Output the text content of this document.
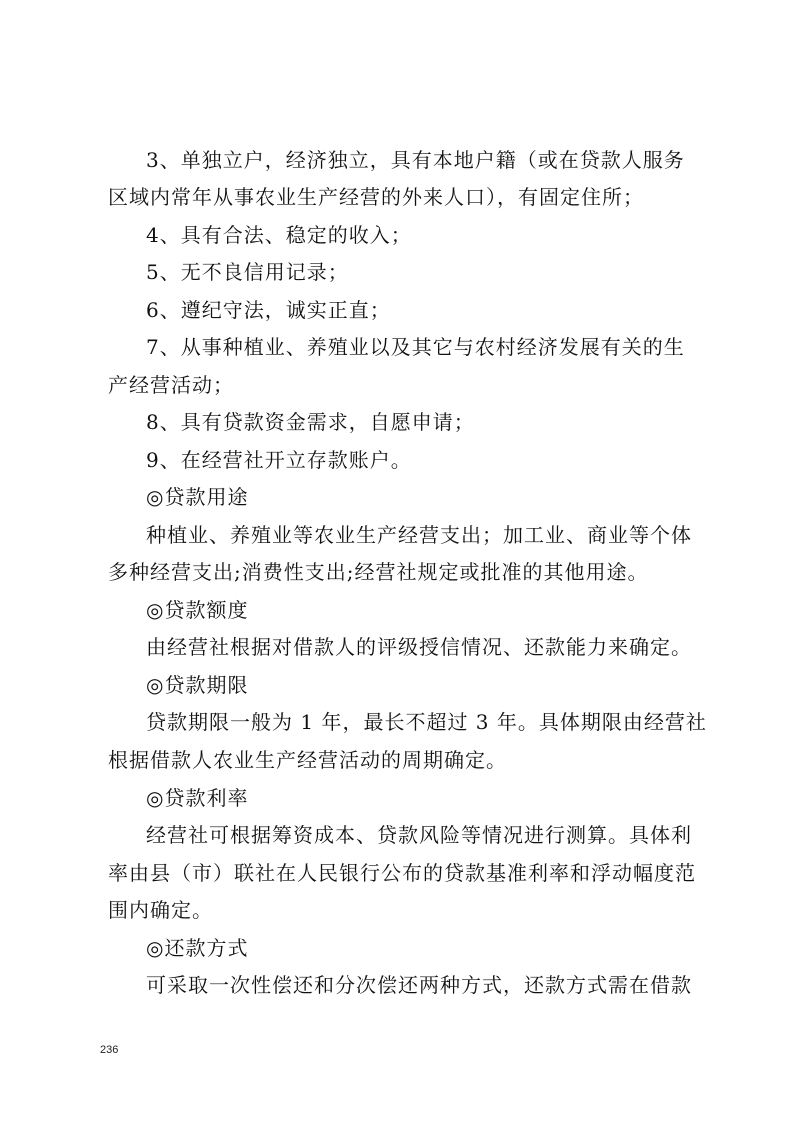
3、单独立户，经济独立，具有本地户籍（或在贷款人服务
区域内常年从事农业生产经营的外来人口），有固定住所；
4、具有合法、稳定的收入；
5、无不良信用记录；
6、遵纪守法，诚实正直；
7、从事种植业、养殖业以及其它与农村经济发展有关的生
产经营活动；
8、具有贷款资金需求，自愿申请；
9、在经营社开立存款账户。
◎贷款用途
种植业、养殖业等农业生产经营支出；加工业、商业等个体
多种经营支出;消费性支出;经营社规定或批准的其他用途。
◎贷款额度
由经营社根据对借款人的评级授信情况、还款能力来确定。
◎贷款期限
贷款期限一般为 1 年，最长不超过 3 年。具体期限由经营社
根据借款人农业生产经营活动的周期确定。
◎贷款利率
经营社可根据筹资成本、贷款风险等情况进行测算。具体利
率由县（市）联社在人民银行公布的贷款基准利率和浮动幅度范
围内确定。
◎还款方式
可采取一次性偿还和分次偿还两种方式，还款方式需在借款
236
